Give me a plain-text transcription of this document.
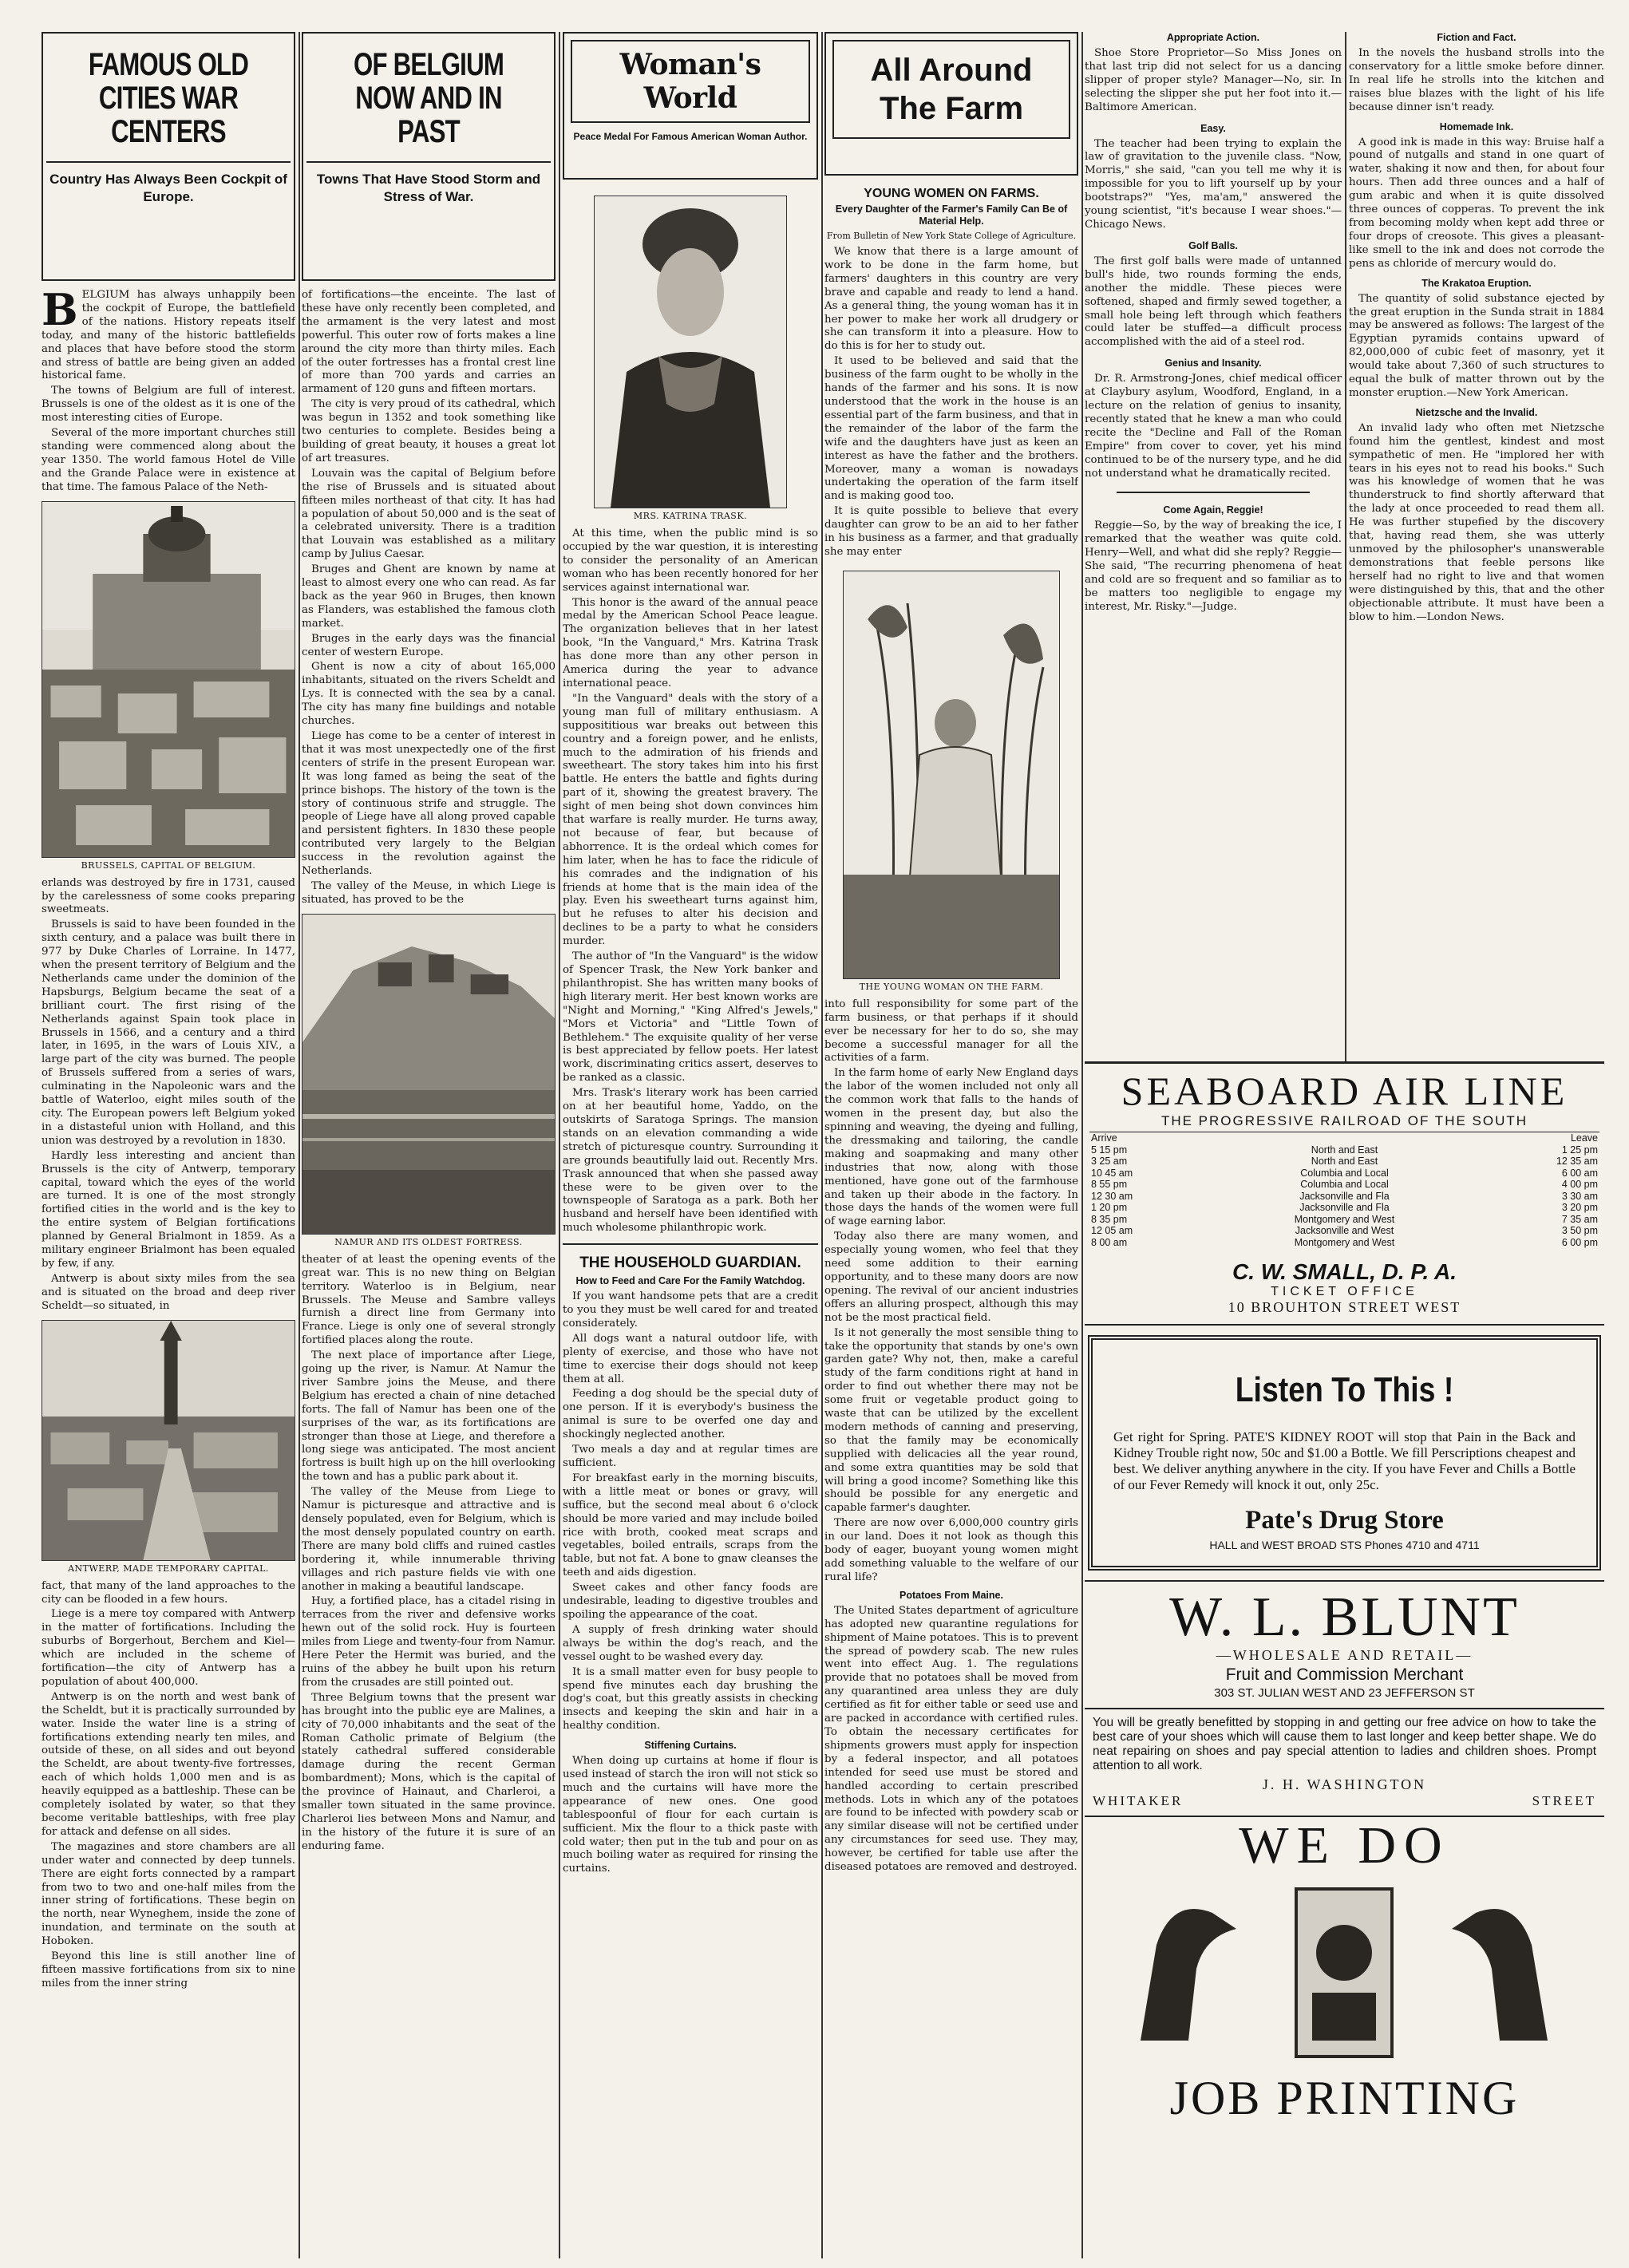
FAMOUS OLD CITIES WAR CENTERS
Country Has Always Been Cockpit of Europe.

BELGIUM has always unhappily been the cockpit of Europe, the battlefield of the nations. History repeats itself today, and many of the historic battlefields and places that have before stood the storm and stress of battle are being given an added historical fame.

The towns of Belgium are full of interest. Brussels is one of the oldest as it is one of the most interesting cities of Europe.

Several of the more important churches still standing were commenced along about the year 1350. The world famous Hotel de Ville and the Grande Palace were in existence at that time. The famous Palace of the Neth-

BRUSSELS, CAPITAL OF BELGIUM.

erlands was destroyed by fire in 1731, caused by the carelessness of some cooks preparing sweetmeats.

Brussels is said to have been founded in the sixth century, and a palace was built there in 977 by Duke Charles of Lorraine. In 1477, when the present territory of Belgium and the Netherlands came under the dominion of the Hapsburgs, Belgium became the seat of a brilliant court. The first rising of the Netherlands against Spain took place in Brussels in 1566, and a century and a third later, in 1695, in the wars of Louis XIV., a large part of the city was burned. The people of Brussels suffered from a series of wars, culminating in the Napoleonic wars and the battle of Waterloo, eight miles south of the city. The European powers left Belgium yoked in a distasteful union with Holland, and this union was destroyed by a revolution in 1830.

Hardly less interesting and ancient than Brussels is the city of Antwerp, temporary capital, toward which the eyes of the world are turned. It is one of the most strongly fortified cities in the world and is the key to the entire system of Belgian fortifications planned by General Brialmont in 1859. As a military engineer Brialmont has been equaled by few, if any.

Antwerp is about sixty miles from the sea and is situated on the broad and deep river Scheldt—so situated, in

ANTWERP, MADE TEMPORARY CAPITAL.

fact, that many of the land approaches to the city can be flooded in a few hours.

Liege is a mere toy compared with Antwerp in the matter of fortifications. Including the suburbs of Borgerhout, Berchem and Kiel—which are included in the scheme of fortification—the city of Antwerp has a population of about 400,000.

Antwerp is on the north and west bank of the Scheldt, but it is practically surrounded by water. Inside the water line is a string of fortifications extending nearly ten miles, and outside of these, on all sides and out beyond the Scheldt, are about twenty-five fortresses, each of which holds 1,000 men and is as heavily equipped as a battleship. These can be completely isolated by water, so that they become veritable battleships, with free play for attack and defense on all sides.

The magazines and store chambers are all under water and connected by deep tunnels. There are eight forts connected by a rampart from two to two and one-half miles from the inner string of fortifications. These begin on the north, near Wyneghem, inside the zone of inundation, and terminate on the south at Hoboken.

Beyond this line is still another line of fifteen massive fortifications from six to nine miles from the inner string

OF BELGIUM NOW AND IN PAST
Towns That Have Stood Storm and Stress of War.

of fortifications—the enceinte. The last of these have only recently been completed, and the armament is the very latest and most powerful. This outer row of forts makes a line around the city more than thirty miles. Each of the outer fortresses has a frontal crest line of more than 700 yards and carries an armament of 120 guns and fifteen mortars.

The city is very proud of its cathedral, which was begun in 1352 and took something like two centuries to complete. Besides being a building of great beauty, it houses a great lot of art treasures.

Louvain was the capital of Belgium before the rise of Brussels and is situated about fifteen miles northeast of that city. It has had a population of about 50,000 and is the seat of a celebrated university. There is a tradition that Louvain was established as a military camp by Julius Caesar.

Bruges and Ghent are known by name at least to almost every one who can read. As far back as the year 960 in Bruges, then known as Flanders, was established the famous cloth market.

Bruges in the early days was the financial center of western Europe.

Ghent is now a city of about 165,000 inhabitants, situated on the rivers Scheldt and Lys. It is connected with the sea by a canal. The city has many fine buildings and notable churches.

Liege has come to be a center of interest in that it was most unexpectedly one of the first centers of strife in the present European war. It was long famed as being the seat of the prince bishops. The history of the town is the story of continuous strife and struggle. The people of Liege have all along proved capable and persistent fighters. In 1830 these people contributed very largely to the Belgian success in the revolution against the Netherlands.

The valley of the Meuse, in which Liege is situated, has proved to be the

NAMUR AND ITS OLDEST FORTRESS.

theater of at least the opening events of the great war. This is no new thing on Belgian territory. Waterloo is in Belgium, near Brussels. The Meuse and Sambre valleys furnish a direct line from Germany into France. Liege is only one of several strongly fortified places along the route.

The next place of importance after Liege, going up the river, is Namur. At Namur the river Sambre joins the Meuse, and there Belgium has erected a chain of nine detached forts. The fall of Namur has been one of the surprises of the war, as its fortifications are stronger than those at Liege, and therefore a long siege was anticipated. The most ancient fortress is built high up on the hill overlooking the town and has a public park about it.

The valley of the Meuse from Liege to Namur is picturesque and attractive and is densely populated, even for Belgium, which is the most densely populated country on earth. There are many bold cliffs and ruined castles bordering it, while innumerable thriving villages and rich pasture fields vie with one another in making a beautiful landscape.

Huy, a fortified place, has a citadel rising in terraces from the river and defensive works hewn out of the solid rock. Huy is fourteen miles from Liege and twenty-four from Namur. Here Peter the Hermit was buried, and the ruins of the abbey he built upon his return from the crusades are still pointed out.

Three Belgium towns that the present war has brought into the public eye are Malines, a city of 70,000 inhabitants and the seat of the Roman Catholic primate of Belgium (the stately cathedral suffered considerable damage during the recent German bombardment); Mons, which is the capital of the province of Hainaut, and Charleroi, a smaller town situated in the same province. Charleroi lies between Mons and Namur, and in the history of the future it is sure of an enduring fame.

Woman's World
Peace Medal For Famous American Woman Author.
MRS. KATRINA TRASK.

At this time, when the public mind is so occupied by the war question, it is interesting to consider the personality of an American woman who has been recently honored for her services against international war.

This honor is the award of the annual peace medal by the American School Peace league. The organization believes that in her latest book, "In the Vanguard," Mrs. Katrina Trask has done more than any other person in America during the year to advance international peace.

"In the Vanguard" deals with the story of a young man full of military enthusiasm. A supposititious war breaks out between this country and a foreign power, and he enlists, much to the admiration of his friends and sweetheart. The story takes him into his first battle. He enters the battle and fights during part of it, showing the greatest bravery. The sight of men being shot down convinces him that warfare is really murder. He turns away, not because of fear, but because of abhorrence. It is the ordeal which comes for him later, when he has to face the ridicule of his comrades and the indignation of his friends at home that is the main idea of the play. Even his sweetheart turns against him, but he refuses to alter his decision and declines to be a party to what he considers murder.

The author of "In the Vanguard" is the widow of Spencer Trask, the New York banker and philanthropist. She has written many books of high literary merit. Her best known works are "Night and Morning," "King Alfred's Jewels," "Mors et Victoria" and "Little Town of Bethlehem." The exquisite quality of her verse is best appreciated by fellow poets. Her latest work, discriminating critics assert, deserves to be ranked as a classic.

Mrs. Trask's literary work has been carried on at her beautiful home, Yaddo, on the outskirts of Saratoga Springs. The mansion stands on an elevation commanding a wide stretch of picturesque country. Surrounding it are grounds beautifully laid out. Recently Mrs. Trask announced that when she passed away these were to be given over to the townspeople of Saratoga as a park. Both her husband and herself have been identified with much wholesome philanthropic work.

THE HOUSEHOLD GUARDIAN.
How to Feed and Care For the Family Watchdog.

If you want handsome pets that are a credit to you they must be well cared for and treated considerately.

All dogs want a natural outdoor life, with plenty of exercise, and those who have not time to exercise their dogs should not keep them at all.

Feeding a dog should be the special duty of one person. If it is everybody's business the animal is sure to be overfed one day and shockingly neglected another.

Two meals a day and at regular times are sufficient.

For breakfast early in the morning biscuits, with a little meat or bones or gravy, will suffice, but the second meal about 6 o'clock should be more varied and may include boiled rice with broth, cooked meat scraps and vegetables, boiled entrails, scraps from the table, but not fat. A bone to gnaw cleanses the teeth and aids digestion.

Sweet cakes and other fancy foods are undesirable, leading to digestive troubles and spoiling the appearance of the coat.

A supply of fresh drinking water should always be within the dog's reach, and the vessel ought to be washed every day.

It is a small matter even for busy people to spend five minutes each day brushing the dog's coat, but this greatly assists in checking insects and keeping the skin and hair in a healthy condition.

Stiffening Curtains.

When doing up curtains at home if flour is used instead of starch the iron will not stick so much and the curtains will have more the appearance of new ones. One good tablespoonful of flour for each curtain is sufficient. Mix the flour to a thick paste with cold water; then put in the tub and pour on as much boiling water as required for rinsing the curtains.

All Around The Farm
YOUNG WOMEN ON FARMS.
Every Daughter of the Farmer's Family Can Be of Material Help.
From Bulletin of New York State College of Agriculture.

We know that there is a large amount of work to be done in the farm home, but farmers' daughters in this country are very brave and capable and ready to lend a hand. As a general thing, the young woman has it in her power to make her work all drudgery or she can transform it into a pleasure. How to do this is for her to study out.

It used to be believed and said that the business of the farm ought to be wholly in the hands of the farmer and his sons. It is now understood that the work in the house is an essential part of the farm business, and that in the remainder of the labor of the farm the wife and the daughters have just as keen an interest as have the father and the brothers. Moreover, many a woman is nowadays undertaking the operation of the farm itself and is making good too.

It is quite possible to believe that every daughter can grow to be an aid to her father in his business as a farmer, and that gradually she may enter

THE YOUNG WOMAN ON THE FARM.

into full responsibility for some part of the farm business, or that perhaps if it should ever be necessary for her to do so, she may become a successful manager for all the activities of a farm.

In the farm home of early New England days the labor of the women included not only all the common work that falls to the hands of women in the present day, but also the spinning and weaving, the dyeing and fulling, the dressmaking and tailoring, the candle making and soapmaking and many other industries that now, along with those mentioned, have gone out of the farmhouse and taken up their abode in the factory. In those days the hands of the women were full of wage earning labor.

Today also there are many women, and especially young women, who feel that they need some addition to their earning opportunity, and to these many doors are now opening. The revival of our ancient industries offers an alluring prospect, although this may not be the most practical field.

Is it not generally the most sensible thing to take the opportunity that stands by one's own garden gate? Why not, then, make a careful study of the farm conditions right at hand in order to find out whether there may not be some fruit or vegetable product going to waste that can be utilized by the excellent modern methods of canning and preserving, so that the family may be economically supplied with delicacies all the year round, and some extra quantities may be sold that will bring a good income? Something like this should be possible for any energetic and capable farmer's daughter.

There are now over 6,000,000 country girls in our land. Does it not look as though this body of eager, buoyant young women might add something valuable to the welfare of our rural life?

Potatoes From Maine.

The United States department of agriculture has adopted new quarantine regulations for shipment of Maine potatoes. This is to prevent the spread of powdery scab. The new rules went into effect Aug. 1. The regulations provide that no potatoes shall be moved from any quarantined area unless they are duly certified as fit for either table or seed use and are packed in accordance with certified rules. To obtain the necessary certificates for shipments growers must apply for inspection by a federal inspector, and all potatoes intended for seed use must be stored and handled according to certain prescribed methods. Lots in which any of the potatoes are found to be infected with powdery scab or any similar disease will not be certified under any circumstances for seed use. They may, however, be certified for table use after the diseased potatoes are removed and destroyed.

Appropriate Action.

Shoe Store Proprietor—So Miss Jones on that last trip did not select for us a dancing slipper of proper style? Manager—No, sir. In selecting the slipper she put her foot into it.—Baltimore American.

Easy.

The teacher had been trying to explain the law of gravitation to the juvenile class. "Now, Morris," she said, "can you tell me why it is impossible for you to lift yourself up by your bootstraps?" "Yes, ma'am," answered the young scientist, "it's because I wear shoes."—Chicago News.

Golf Balls.

The first golf balls were made of untanned bull's hide, two rounds forming the ends, another the middle. These pieces were softened, shaped and firmly sewed together, a small hole being left through which feathers could later be stuffed—a difficult process accomplished with the aid of a steel rod.

Genius and Insanity.

Dr. R. Armstrong-Jones, chief medical officer at Claybury asylum, Woodford, England, in a lecture on the relation of genius to insanity, recently stated that he knew a man who could recite the "Decline and Fall of the Roman Empire" from cover to cover, yet his mind continued to be of the nursery type, and he did not understand what he dramatically recited.

Come Again, Reggie!

Reggie—So, by the way of breaking the ice, I remarked that the weather was quite cold. Henry—Well, and what did she reply? Reggie—She said, "The recurring phenomena of heat and cold are so frequent and so familiar as to be matters too negligible to engage my interest, Mr. Risky."—Judge.

Fiction and Fact.

In the novels the husband strolls into the conservatory for a little smoke before dinner. In real life he strolls into the kitchen and raises blue blazes with the light of his life because dinner isn't ready.

Homemade Ink.

A good ink is made in this way: Bruise half a pound of nutgalls and stand in one quart of water, shaking it now and then, for about four hours. Then add three ounces and a half of gum arabic and when it is quite dissolved three ounces of copperas. To prevent the ink from becoming moldy when kept add three or four drops of creosote. This gives a pleasant-like smell to the ink and does not corrode the pens as chloride of mercury would do.

The Krakatoa Eruption.

The quantity of solid substance ejected by the great eruption in the Sunda strait in 1884 may be answered as follows: The largest of the Egyptian pyramids contains upward of 82,000,000 of cubic feet of masonry, yet it would take about 7,360 of such structures to equal the bulk of matter thrown out by the monster eruption.—New York American.

Nietzsche and the Invalid.

An invalid lady who often met Nietzsche found him the gentlest, kindest and most sympathetic of men. He "implored her with tears in his eyes not to read his books." Such was his knowledge of women that he was thunderstruck to find shortly afterward that the lady at once proceeded to read them all. He was further stupefied by the discovery that, having read them, she was utterly unmoved by the philosopher's unanswerable demonstrations that feeble persons like herself had no right to live and that women were distinguished by this, that and the other objectionable attribute. It must have been a blow to him.—London News.

SEABOARD AIR LINE
THE PROGRESSIVE RAILROAD OF THE SOUTH
Arrive		Leave
5 15 pm	North and East	1 25 pm
3 25 am	North and East	12 35 am
10 45 am	Columbia and Local	6 00 am
8 55 pm	Columbia and Local	4 00 pm
12 30 am	Jacksonville and Fla	3 30 am
1 20 pm	Jacksonville and Fla	3 20 pm
8 35 pm	Montgomery and West	7 35 am
12 05 am	Jacksonville and West	3 50 pm
8 00 am	Montgomery and West	6 00 pm
C. W. SMALL, D. P. A.
TICKET OFFICE
10 BROUHTON STREET WEST
Listen To This !

Get right for Spring. PATE'S KIDNEY ROOT will stop that Pain in the Back and Kidney Trouble right now, 50c and $1.00 a Bottle. We fill Perscriptions cheapest and best. We deliver anything anywhere in the city. If you have Fever and Chills a Bottle of our Fever Remedy will knock it out, only 25c.

Pate's Drug Store
HALL and WEST BROAD STS Phones 4710 and 4711
W. L. BLUNT
—WHOLESALE AND RETAIL—
Fruit and Commission Merchant
303 ST. JULIAN WEST AND 23 JEFFERSON ST

You will be greatly benefitted by stopping in and getting our free advice on how to take the best care of your shoes which will cause them to last longer and keep better shape. We do neat repairing on shoes and pay special attention to ladies and children shoes. Prompt attention to all work.

J. H. WASHINGTON
WHITAKER	STREET
WE DO
JOB PRINTING
